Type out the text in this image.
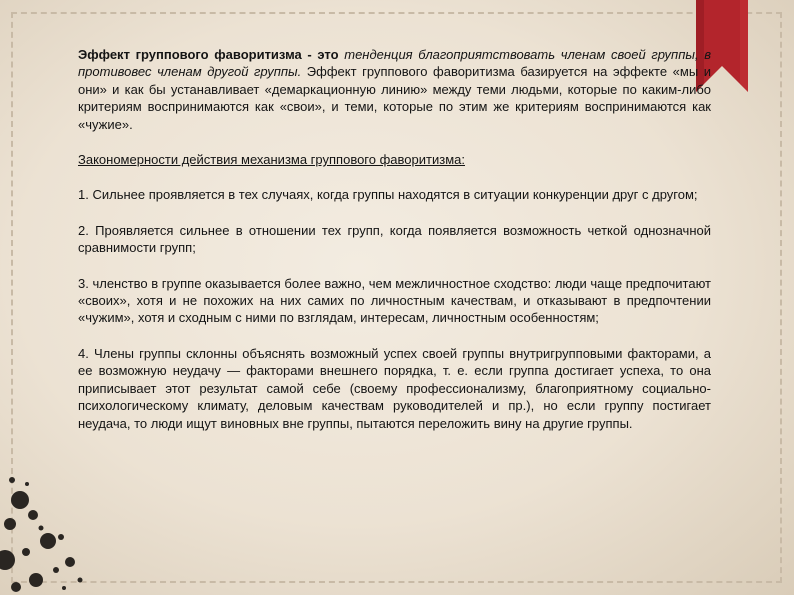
Эффект группового фаворитизма - это тенденция благоприятствовать членам своей группы, в противовес членам другой группы. Эффект группового фаворитизма базируется на эффекте «мы и они» и как бы устанавливает «демаркационную линию» между теми людьми, которые по каким-либо критериям воспринимаются как «свои», и теми, которые по этим же критериям воспринимаются как «чужие».

Закономерности действия механизма группового фаворитизма:

1. Сильнее проявляется в тех случаях, когда группы находятся в ситуации конкуренции друг с другом;

2. Проявляется сильнее в отношении тех групп, когда появляется возможность четкой однозначной сравнимости групп;

3. членство в группе оказывается более важно, чем межличностное сходство: люди чаще предпочитают «своих», хотя и не похожих на них самих по личностным качествам, и отказывают в предпочтении «чужим», хотя и сходным с ними по взглядам, интересам, личностным особенностям;

4. Члены группы склонны объяснять возможный успех своей группы внутригрупповыми факторами, а ее возможную неудачу — факторами внешнего порядка, т. е. если группа достигает успеха, то она приписывает этот результат самой себе (своему профессионализму, благоприятному социально-психологическому климату, деловым качествам руководителей и пр.), но если группу постигает неудача, то люди ищут виновных вне группы, пытаются переложить вину на другие группы.
